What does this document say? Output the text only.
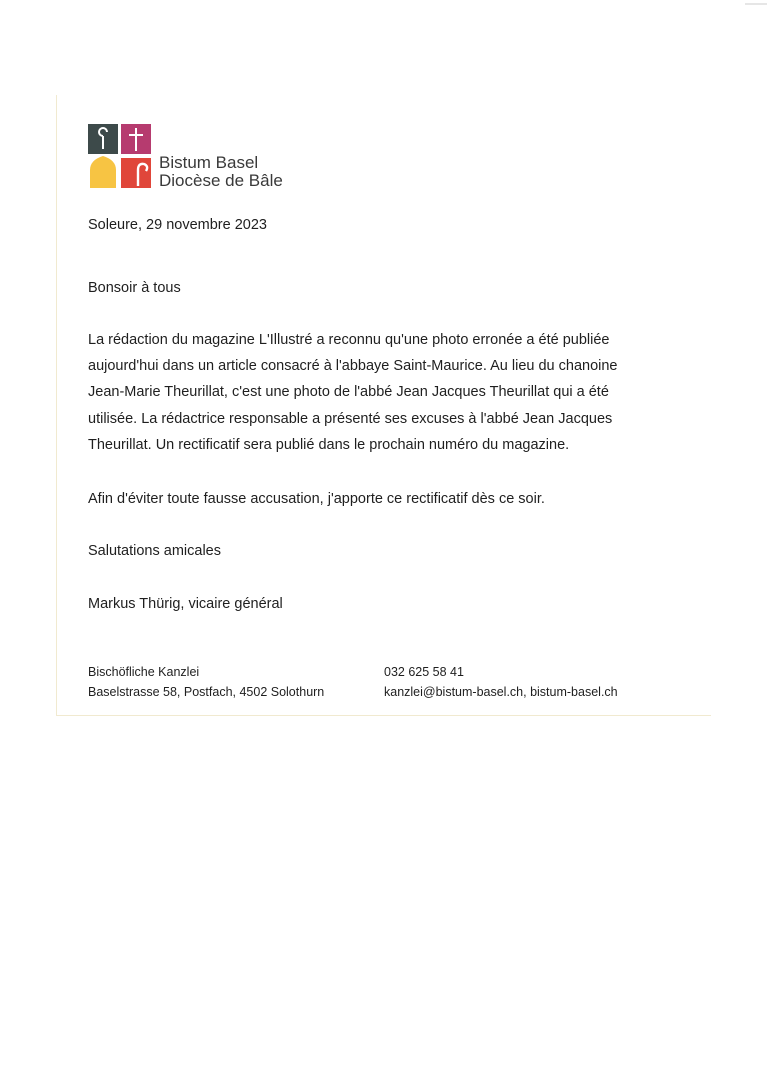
Bistum Basel
Diocèse de Bâle
Soleure, 29 novembre 2023
Bonsoir à tous
La rédaction du magazine L'Illustré a reconnu qu'une photo erronée a été publiée
aujourd'hui dans un article consacré à l'abbaye Saint-Maurice. Au lieu du chanoine
Jean-Marie Theurillat, c'est une photo de l'abbé Jean Jacques Theurillat qui a été
utilisée. La rédactrice responsable a présenté ses excuses à l'abbé Jean Jacques
Theurillat. Un rectificatif sera publié dans le prochain numéro du magazine.
Afin d'éviter toute fausse accusation, j'apporte ce rectificatif dès ce soir.
Salutations amicales
Markus Thürig, vicaire général
Bischöfliche Kanzlei
Baselstrasse 58, Postfach, 4502 Solothurn
032 625 58 41
kanzlei@bistum-basel.ch, bistum-basel.ch
